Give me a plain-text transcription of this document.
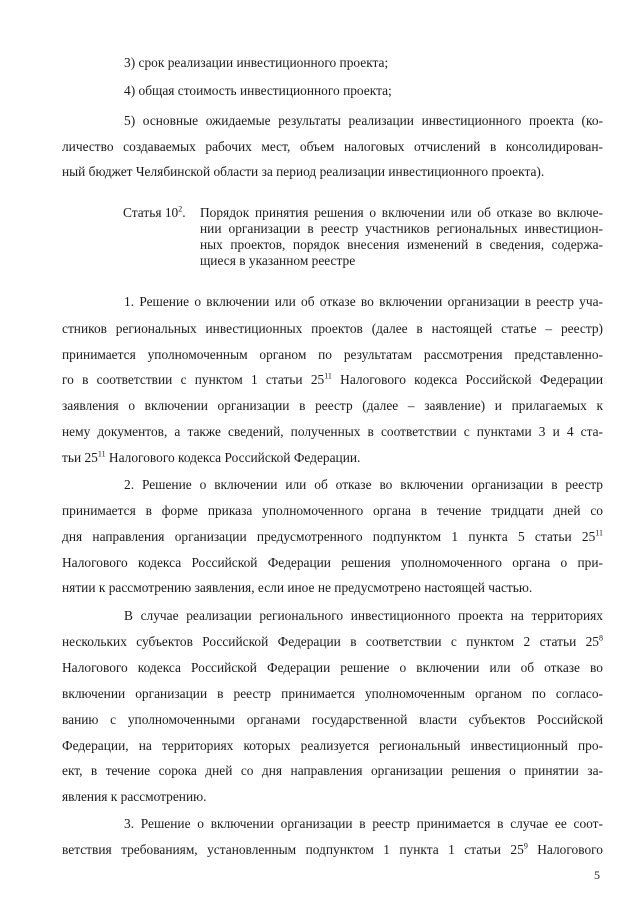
3) срок реализации инвестиционного проекта;
4) общая стоимость инвестиционного проекта;
5) основные ожидаемые результаты реализации инвестиционного проекта (ко-
личество создаваемых рабочих мест, объем налоговых отчислений в консолидирован-
ный бюджет Челябинской области за период реализации инвестиционного проекта).
Статья $10^2$. Порядок принятия решения о включении или об отказе во включе-
нии организации в реестр участников региональных инвестицион-
ных проектов, порядок внесения изменений в сведения, содержа-
щиеся в указанном реестре
1. Решение о включении или об отказе во включении организации в реестр уча-
стников региональных инвестиционных проектов (далее в настоящей статье – реестр)
принимается уполномоченным органом по результатам рассмотрения представленно-
го в соответствии с пунктом 1 статьи $25^{11}$ Налогового кодекса Российской Федерации
заявления о включении организации в реестр (далее – заявление) и прилагаемых к
нему документов, а также сведений, полученных в соответствии с пунктами 3 и 4 ста-
тьи $25^{11}$ Налогового кодекса Российской Федерации.
2. Решение о включении или об отказе во включении организации в реестр
принимается в форме приказа уполномоченного органа в течение тридцати дней со
дня направления организации предусмотренного подпунктом 1 пункта 5 статьи $25^{11}$
Налогового кодекса Российской Федерации решения уполномоченного органа о при-
нятии к рассмотрению заявления, если иное не предусмотрено настоящей частью.
В случае реализации регионального инвестиционного проекта на территориях
нескольких субъектов Российской Федерации в соответствии с пунктом 2 статьи $25^8$
Налогового кодекса Российской Федерации решение о включении или об отказе во
включении организации в реестр принимается уполномоченным органом по согласо-
ванию с уполномоченными органами государственной власти субъектов Российской
Федерации, на территориях которых реализуется региональный инвестиционный про-
ект, в течение сорока дней со дня направления организации решения о принятии за-
явления к рассмотрению.
3. Решение о включении организации в реестр принимается в случае ее соот-
ветствия требованиям, установленным подпунктом 1 пункта 1 статьи $25^9$ Налогового
5
